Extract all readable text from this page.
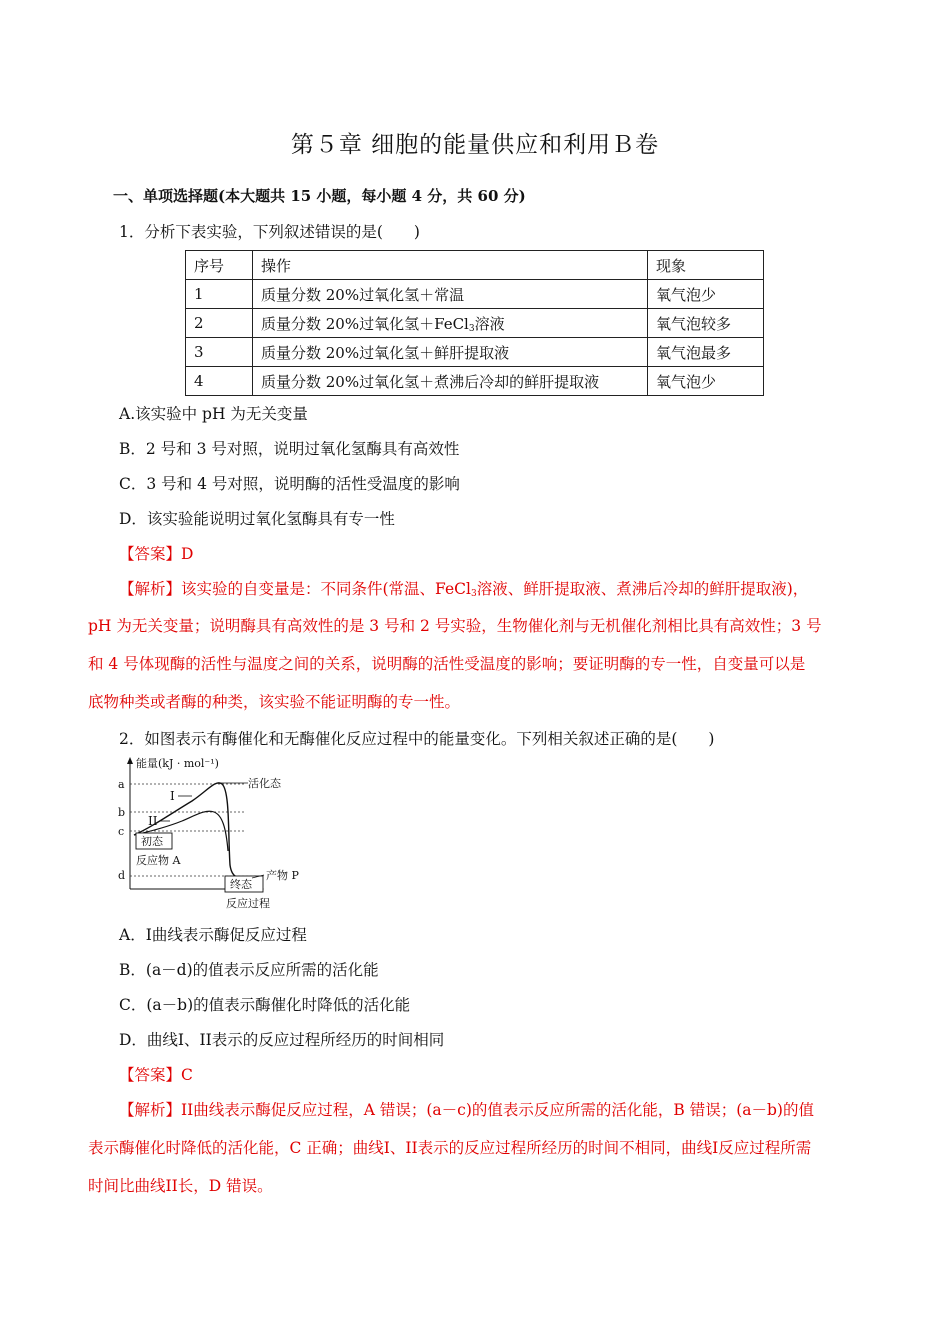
第５章 细胞的能量供应和利用Ｂ卷
一、单项选择题(本大题共 15 小题，每小题 4 分，共 60 分)
1．分析下表实验，下列叙述错误的是(　　)
序号	操作	现象
1	质量分数 20%过氧化氢＋常温	氧气泡少
2	质量分数 20%过氧化氢＋FeCl$_3$溶液	氧气泡较多
3	质量分数 20%过氧化氢＋鲜肝提取液	氧气泡最多
4	质量分数 20%过氧化氢＋煮沸后冷却的鲜肝提取液	氧气泡少
A.该实验中 pH 为无关变量
B．2 号和 3 号对照，说明过氧化氢酶具有高效性
C．3 号和 4 号对照，说明酶的活性受温度的影响
D．该实验能说明过氧化氢酶具有专一性
【答案】D
【解析】该实验的自变量是：不同条件(常温、FeCl$_3$溶液、鲜肝提取液、煮沸后冷却的鲜肝提取液)，
pH 为无关变量；说明酶具有高效性的是 3 号和 2 号实验，生物催化剂与无机催化剂相比具有高效性；3 号
和 4 号体现酶的活性与温度之间的关系，说明酶的活性受温度的影响；要证明酶的专一性，自变量可以是
底物种类或者酶的种类，该实验不能证明酶的专一性。
2．如图表示有酶催化和无酶催化反应过程中的能量变化。下列相关叙述正确的是(　　)
能量(kJ · mol⁻¹)
反应过程
a
b
c
d
I
II
活化态
初态
反应物 A
终态
产物 P
A．I曲线表示酶促反应过程
B．(a－d)的值表示反应所需的活化能
C．(a－b)的值表示酶催化时降低的活化能
D．曲线I、II表示的反应过程所经历的时间相同
【答案】C
【解析】II曲线表示酶促反应过程，A 错误；(a－c)的值表示反应所需的活化能，B 错误；(a－b)的值
表示酶催化时降低的活化能，C 正确；曲线I、II表示的反应过程所经历的时间不相同，曲线I反应过程所需
时间比曲线II长，D 错误。
